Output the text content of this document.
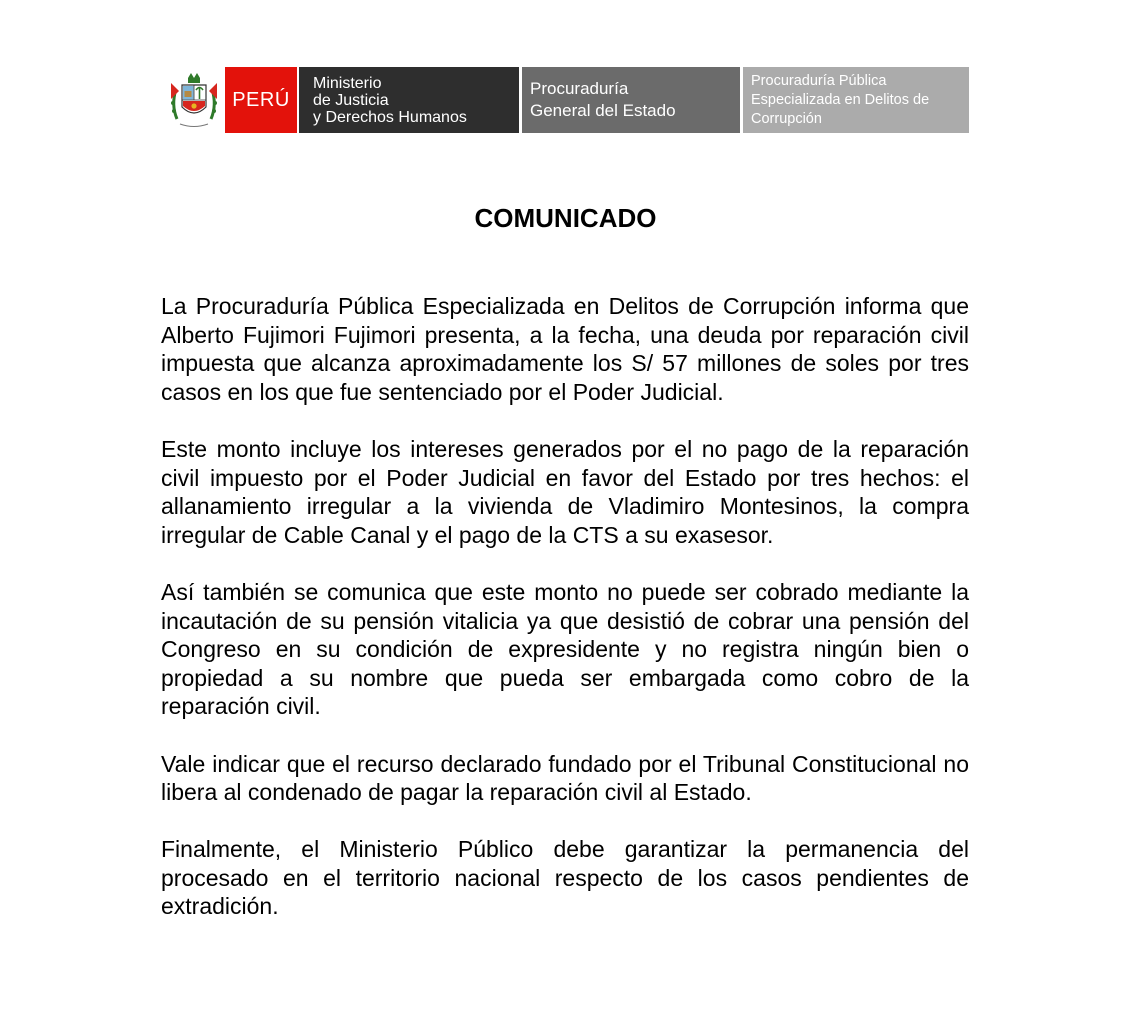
PERÚ
Ministerio
de Justicia
y Derechos Humanos
Procuraduría
General del Estado
Procuraduría Pública
Especializada en Delitos de
Corrupción
COMUNICADO

La Procuraduría Pública Especializada en Delitos de Corrupción informa que Alberto Fujimori Fujimori presenta, a la fecha, una deuda por reparación civil impuesta que alcanza aproximadamente los S/ 57 millones de soles por tres casos en los que fue sentenciado por el Poder Judicial.

Este monto incluye los intereses generados por el no pago de la reparación civil impuesto por el Poder Judicial en favor del Estado por tres hechos: el allanamiento irregular a la vivienda de Vladimiro Montesinos, la compra irregular de Cable Canal y el pago de la CTS a su exasesor.

Así también se comunica que este monto no puede ser cobrado mediante la incautación de su pensión vitalicia ya que desistió de cobrar una pensión del Congreso en su condición de expresidente y no registra ningún bien o propiedad a su nombre que pueda ser embargada como cobro de la reparación civil.

Vale indicar que el recurso declarado fundado por el Tribunal Constitucional no libera al condenado de pagar la reparación civil al Estado.

Finalmente, el Ministerio Público debe garantizar la permanencia del procesado en el territorio nacional respecto de los casos pendientes de extradición.
